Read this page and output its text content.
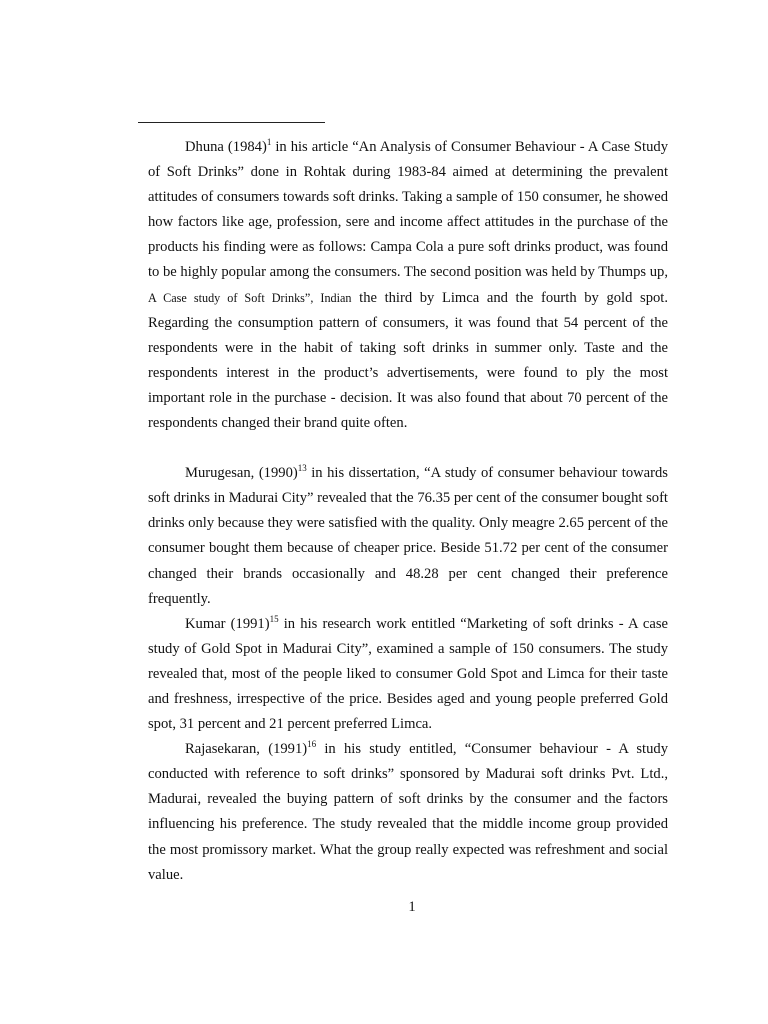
Dhuna $(1984)^1$ in his article “An Analysis of Consumer Behaviour - A Case Study of Soft Drinks” done in Rohtak during 1983-84 aimed at determining the prevalent attitudes of consumers towards soft drinks. Taking a sample of 150 consumer, he showed how factors like age, profession, sere and income affect attitudes in the purchase of the products his finding were as follows: Campa Cola a pure soft drinks product, was found to be highly popular among the consumers. The second position was held by Thumps up, A Case study of Soft Drinks”, Indian the third by Limca and the fourth by gold spot. Regarding the consumption pattern of consumers, it was found that 54 percent of the respondents were in the habit of taking soft drinks in summer only. Taste and the respondents interest in the product’s advertisements, were found to ply the most important role in the purchase - decision. It was also found that about 70 percent of the respondents changed their brand quite often.

Murugesan, $(1990)^{13}$ in his dissertation, “A study of consumer behaviour towards soft drinks in Madurai City” revealed that the 76.35 per cent of the consumer bought soft drinks only because they were satisfied with the quality. Only meagre 2.65 percent of the consumer bought them because of cheaper price. Beside 51.72 per cent of the consumer changed their brands occasionally and 48.28 per cent changed their preference frequently.

Kumar $(1991)^{15}$ in his research work entitled “Marketing of soft drinks - A case study of Gold Spot in Madurai City”, examined a sample of 150 consumers. The study revealed that, most of the people liked to consumer Gold Spot and Limca for their taste and freshness, irrespective of the price. Besides aged and young people preferred Gold spot, 31 percent and 21 percent preferred Limca.

Rajasekaran, $(1991)^{16}$ in his study entitled, “Consumer behaviour - A study conducted with reference to soft drinks” sponsored by Madurai soft drinks Pvt. Ltd., Madurai, revealed the buying pattern of soft drinks by the consumer and the factors influencing his preference. The study revealed that the middle income group provided the most promissory market. What the group really expected was refreshment and social value.

1
